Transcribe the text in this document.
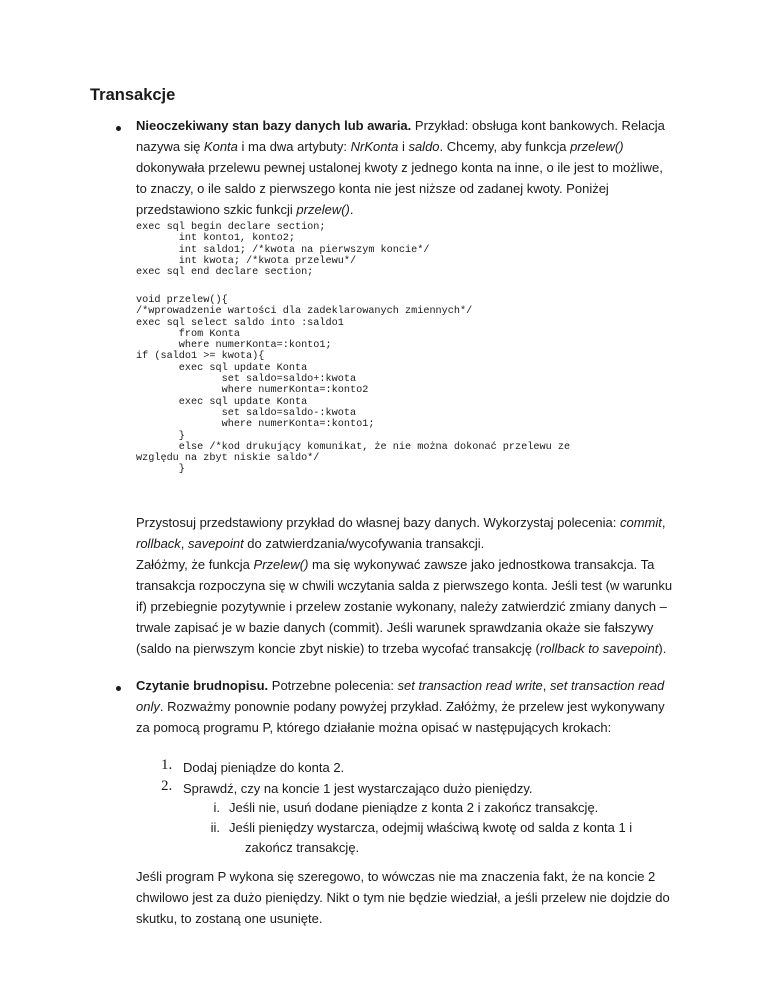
Transakcje

Nieoczekiwany stan bazy danych lub awaria. Przykład: obsługa kont bankowych. Relacja
nazywa się Konta i ma dwa artybuty: NrKonta i saldo. Chcemy, aby funkcja przelew()
dokonywała przelewu pewnej ustalonej kwoty z jednego konta na inne, o ile jest to możliwe,
to znaczy, o ile saldo z pierwszego konta nie jest niższe od zadanej kwoty. Poniżej
przedstawiono szkic funkcji przelew().

exec sql begin declare section;
int konto1, konto2;
int saldo1; /*kwota na pierwszym koncie*/
int kwota; /*kwota przelewu*/
exec sql end declare section;
void przelew(){
/*wprowadzenie wartości dla zadeklarowanych zmiennych*/
exec sql select saldo into :saldo1
from Konta
where numerKonta=:konto1;
if (saldo1 >= kwota){
exec sql update Konta
set saldo=saldo+:kwota
where numerKonta=:konto2
exec sql update Konta
set saldo=saldo-:kwota
where numerKonta=:konto1;
}
else /*kod drukujący komunikat, że nie można dokonać przelewu ze
względu na zbyt niskie saldo*/
}

Przystosuj przedstawiony przykład do własnej bazy danych. Wykorzystaj polecenia: commit,
rollback, savepoint do zatwierdzania/wycofywania transakcji.
Załóżmy, że funkcja Przelew() ma się wykonywać zawsze jako jednostkowa transakcja. Ta
transakcja rozpoczyna się w chwili wczytania salda z pierwszego konta. Jeśli test (w warunku
if) przebiegnie pozytywnie i przelew zostanie wykonany, należy zatwierdzić zmiany danych –
trwale zapisać je w bazie danych (commit). Jeśli warunek sprawdzania okaże sie fałszywy
(saldo na pierwszym koncie zbyt niskie) to trzeba wycofać transakcję (rollback to savepoint).

Czytanie brudnopisu. Potrzebne polecenia: set transaction read write, set transaction read
only. Rozważmy ponownie podany powyżej przykład. Załóżmy, że przelew jest wykonywany
za pomocą programu P, którego działanie można opisać w następujących krokach:

1. Dodaj pieniądze do konta 2.
2. Sprawdź, czy na koncie 1 jest wystarczająco dużo pieniędzy.
i. Jeśli nie, usuń dodane pieniądze z konta 2 i zakończ transakcję.
ii. Jeśli pieniędzy wystarcza, odejmij właściwą kwotę od salda z konta 1 i
zakończ transakcję.

Jeśli program P wykona się szeregowo, to wówczas nie ma znaczenia fakt, że na koncie 2
chwilowo jest za dużo pieniędzy. Nikt o tym nie będzie wiedział, a jeśli przelew nie dojdzie do
skutku, to zostaną one usunięte.
